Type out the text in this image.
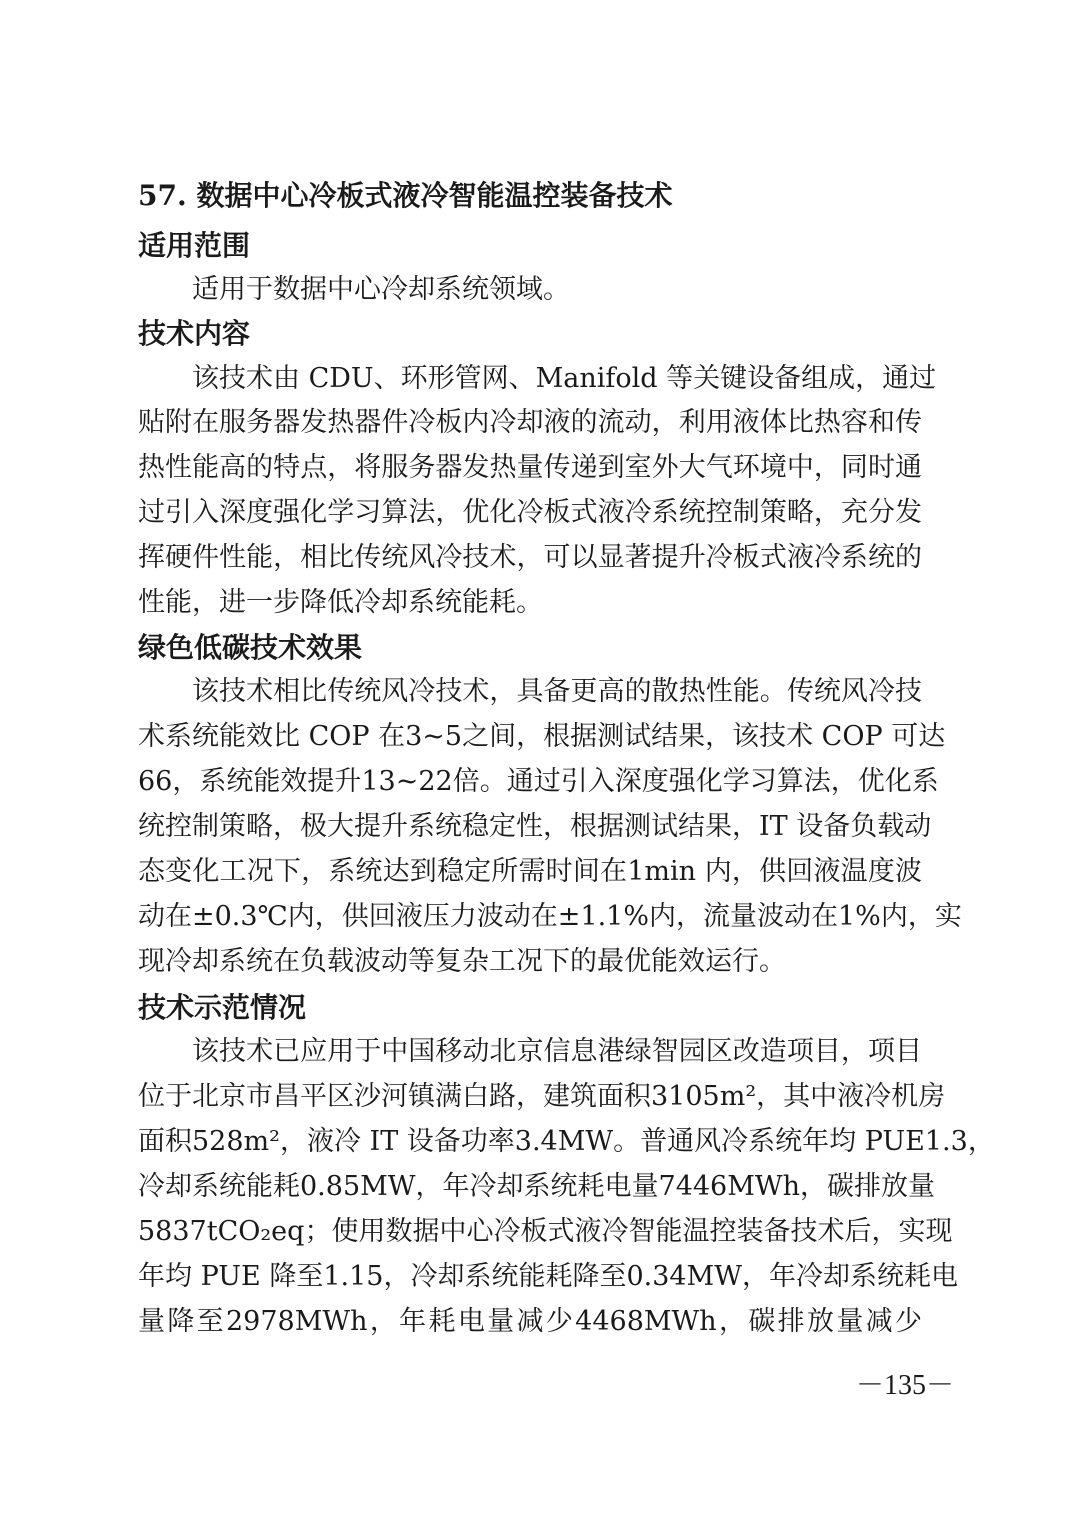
57. 数据中心冷板式液冷智能温控装备技术
适用范围
适用于数据中心冷却系统领域。
技术内容
该技术由 CDU、环形管网、Manifold 等关键设备组成，通过
贴附在服务器发热器件冷板内冷却液的流动，利用液体比热容和传
热性能高的特点，将服务器发热量传递到室外大气环境中，同时通
过引入深度强化学习算法，优化冷板式液冷系统控制策略，充分发
挥硬件性能，相比传统风冷技术，可以显著提升冷板式液冷系统的
性能，进一步降低冷却系统能耗。
绿色低碳技术效果
该技术相比传统风冷技术，具备更高的散热性能。传统风冷技
术系统能效比 COP 在3~5之间，根据测试结果，该技术 COP 可达
66，系统能效提升13~22倍。通过引入深度强化学习算法，优化系
统控制策略，极大提升系统稳定性，根据测试结果，IT 设备负载动
态变化工况下，系统达到稳定所需时间在1min 内，供回液温度波
动在±0.3℃内，供回液压力波动在±1.1%内，流量波动在1%内，实
现冷却系统在负载波动等复杂工况下的最优能效运行。
技术示范情况
该技术已应用于中国移动北京信息港绿智园区改造项目，项目
位于北京市昌平区沙河镇满白路，建筑面积3105m²，其中液冷机房
面积528m²，液冷 IT 设备功率3.4MW。普通风冷系统年均 PUE1.3，
冷却系统能耗0.85MW，年冷却系统耗电量7446MWh，碳排放量
5837tCO₂eq；使用数据中心冷板式液冷智能温控装备技术后，实现
年均 PUE 降至1.15，冷却系统能耗降至0.34MW，年冷却系统耗电
量降至2978MWh，年耗电量减少4468MWh，碳排放量减少
－135－
